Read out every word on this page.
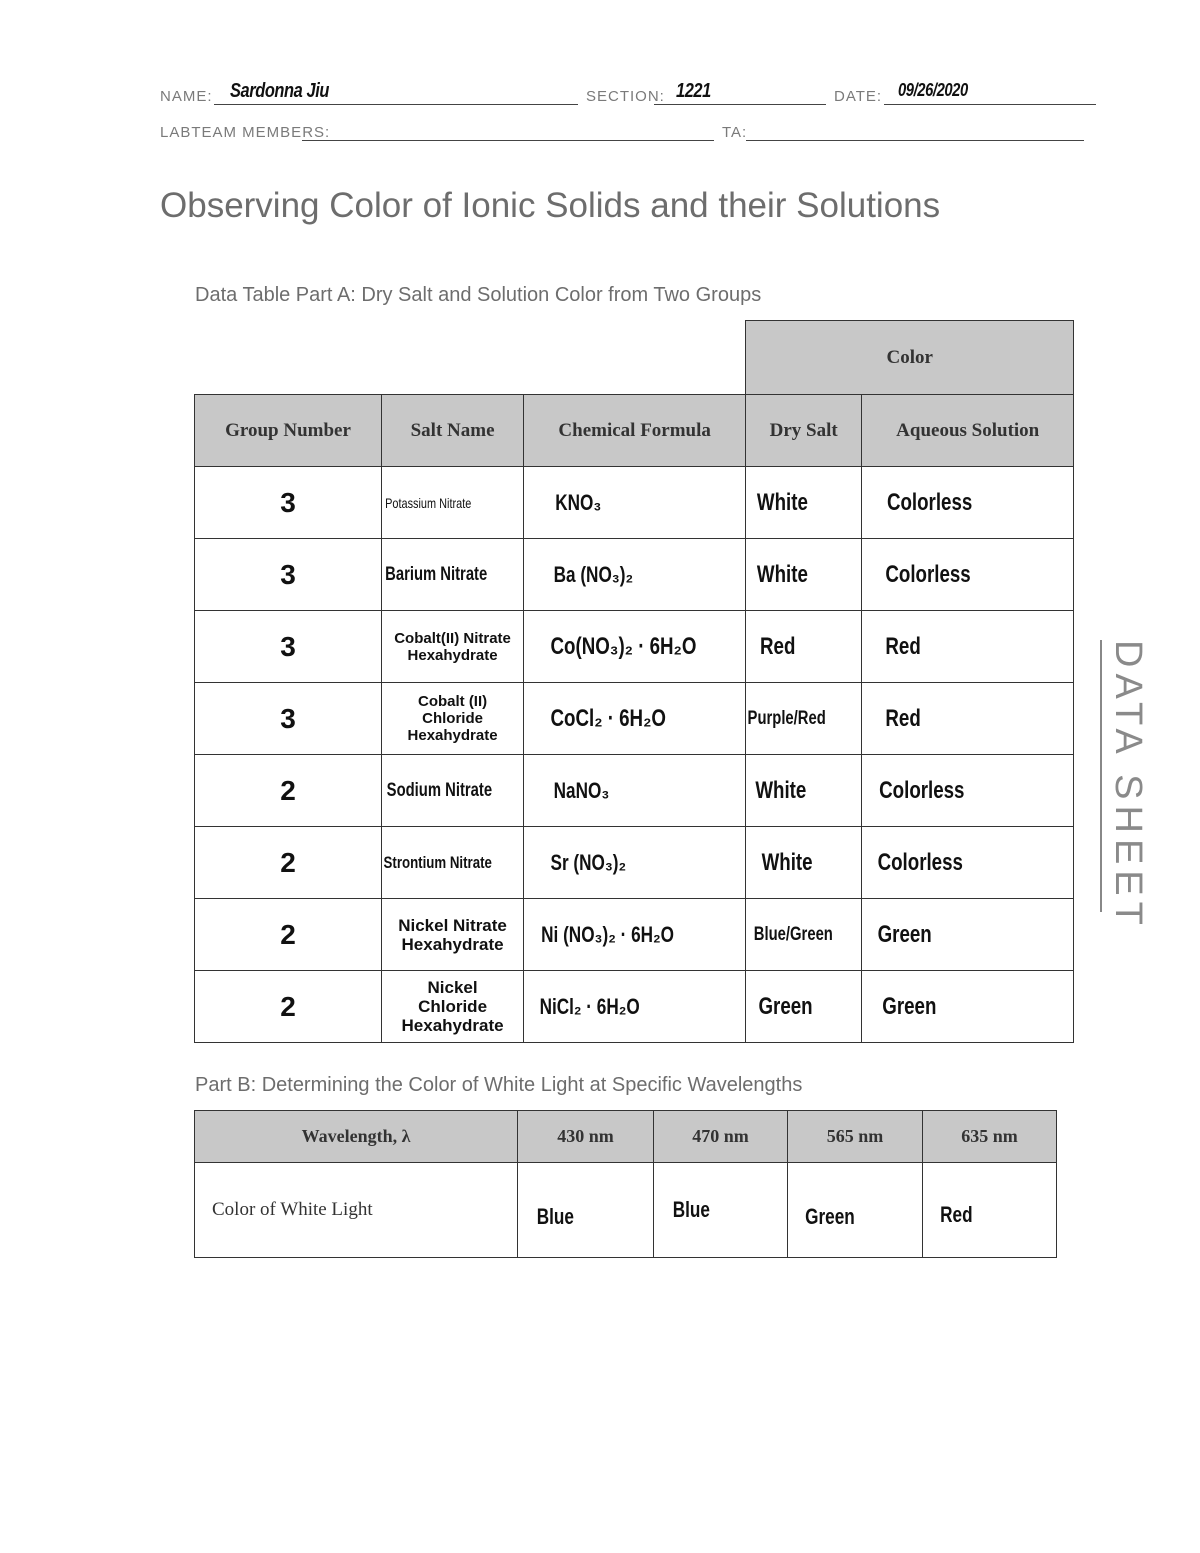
NAME: Sardonna Jiu	SECTION: 1221	DATE: 09/26/2020
LABTEAM MEMBERS:	TA:
Observing Color of Ionic Solids and their Solutions
DATA SHEET
Data Table Part A: Dry Salt and Solution Color from Two Groups
			Color	
Group Number	Salt Name	Chemical Formula	Dry Salt	Aqueous Solution
3	Potassium Nitrate	KNO₃	White	Colorless
3	Barium Nitrate	Ba (NO₃)₂	White	Colorless
3	Cobalt(II) Nitrate Hexahydrate	Co(NO₃)₂ · 6H₂O	Red	Red
3	Cobalt (II) Chloride Hexahydrate	CoCl₂ · 6H₂O	Purple/Red	Red
2	Sodium Nitrate	NaNO₃	White	Colorless
2	Strontium Nitrate	Sr (NO₃)₂	White	Colorless
2	Nickel Nitrate Hexahydrate	Ni (NO₃)₂ · 6H₂O	Blue/Green	Green
2	Nickel Chloride Hexahydrate	NiCl₂ · 6H₂O	Green	Green
Part B: Determining the Color of White Light at Specific Wavelengths
Wavelength, λ	430 nm	470 nm	565 nm	635 nm
Color of White Light	Blue	Blue	Green	Red
